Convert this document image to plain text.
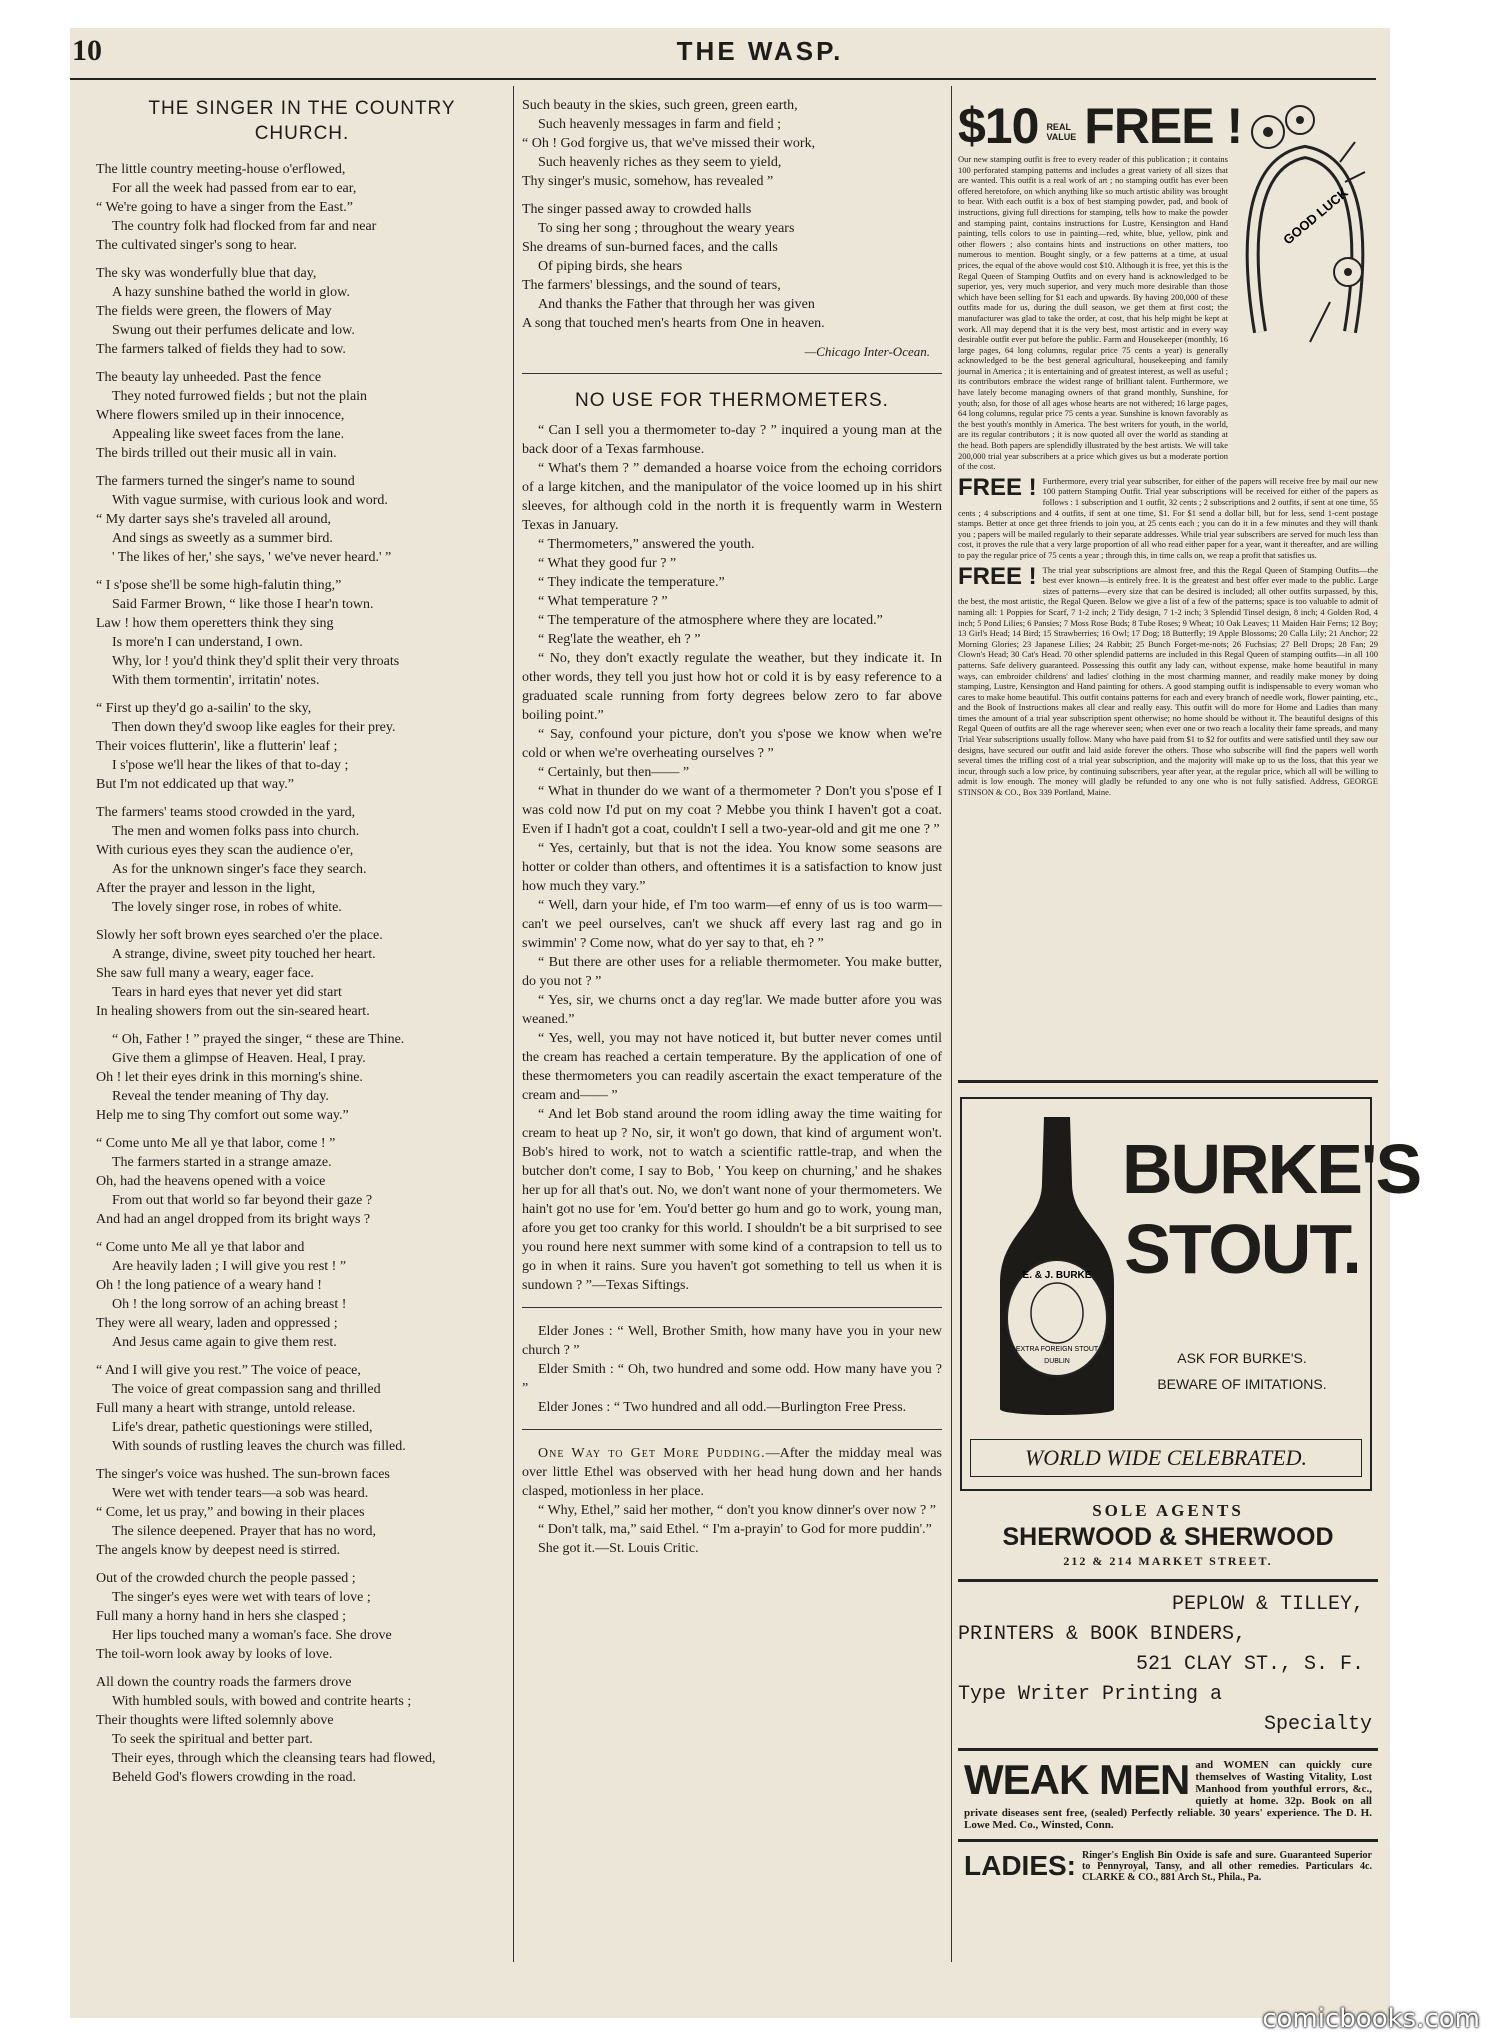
10	THE WASP.
THE SINGER IN THE COUNTRY
CHURCH.
The little country meeting-house o'erflowed,
For all the week had passed from ear to ear,
“ We're going to have a singer from the East.”
The country folk had flocked from far and near
The cultivated singer's song to hear.
The sky was wonderfully blue that day,
A hazy sunshine bathed the world in glow.
The fields were green, the flowers of May
Swung out their perfumes delicate and low.
The farmers talked of fields they had to sow.
The beauty lay unheeded. Past the fence
They noted furrowed fields ; but not the plain
Where flowers smiled up in their innocence,
Appealing like sweet faces from the lane.
The birds trilled out their music all in vain.
The farmers turned the singer's name to sound
With vague surmise, with curious look and word.
“ My darter says she's traveled all around,
And sings as sweetly as a summer bird.
' The likes of her,' she says, ' we've never heard.' ”
“ I s'pose she'll be some high-falutin thing,”
Said Farmer Brown, “ like those I hear'n town.
Law ! how them operetters think they sing
Is more'n I can understand, I own.
Why, lor ! you'd think they'd split their very throats
With them tormentin', irritatin' notes.
“ First up they'd go a-sailin' to the sky,
Then down they'd swoop like eagles for their prey.
Their voices flutterin', like a flutterin' leaf ;
I s'pose we'll hear the likes of that to-day ;
But I'm not eddicated up that way.”
The farmers' teams stood crowded in the yard,
The men and women folks pass into church.
With curious eyes they scan the audience o'er,
As for the unknown singer's face they search.
After the prayer and lesson in the light,
The lovely singer rose, in robes of white.
Slowly her soft brown eyes searched o'er the place.
A strange, divine, sweet pity touched her heart.
She saw full many a weary, eager face.
Tears in hard eyes that never yet did start
In healing showers from out the sin-seared heart.
“ Oh, Father ! ” prayed the singer, “ these are Thine.
Give them a glimpse of Heaven. Heal, I pray.
Oh ! let their eyes drink in this morning's shine.
Reveal the tender meaning of Thy day.
Help me to sing Thy comfort out some way.”
“ Come unto Me all ye that labor, come ! ”
The farmers started in a strange amaze.
Oh, had the heavens opened with a voice
From out that world so far beyond their gaze ?
And had an angel dropped from its bright ways ?
“ Come unto Me all ye that labor and
Are heavily laden ; I will give you rest ! ”
Oh ! the long patience of a weary hand !
Oh ! the long sorrow of an aching breast !
They were all weary, laden and oppressed ;
And Jesus came again to give them rest.
“ And I will give you rest.” The voice of peace,
The voice of great compassion sang and thrilled
Full many a heart with strange, untold release.
Life's drear, pathetic questionings were stilled,
With sounds of rustling leaves the church was filled.
The singer's voice was hushed. The sun-brown faces
Were wet with tender tears—a sob was heard.
“ Come, let us pray,” and bowing in their places
The silence deepened. Prayer that has no word,
The angels know by deepest need is stirred.
Out of the crowded church the people passed ;
The singer's eyes were wet with tears of love ;
Full many a horny hand in hers she clasped ;
Her lips touched many a woman's face. She drove
The toil-worn look away by looks of love.
All down the country roads the farmers drove
With humbled souls, with bowed and contrite hearts ;
Their thoughts were lifted solemnly above
To seek the spiritual and better part.
Their eyes, through which the cleansing tears had flowed,
Beheld God's flowers crowding in the road.
Such beauty in the skies, such green, green earth,
Such heavenly messages in farm and field ;
“ Oh ! God forgive us, that we've missed their work,
Such heavenly riches as they seem to yield,
Thy singer's music, somehow, has revealed ”
The singer passed away to crowded halls
To sing her song ; throughout the weary years
She dreams of sun-burned faces, and the calls
Of piping birds, she hears
The farmers' blessings, and the sound of tears,
And thanks the Father that through her was given
A song that touched men's hearts from One in heaven.
—Chicago Inter-Ocean.
NO USE FOR THERMOMETERS.

“ Can I sell you a thermometer to-day ? ” inquired a young man at the back door of a Texas farmhouse.

“ What's them ? ” demanded a hoarse voice from the echoing corridors of a large kitchen, and the manipulator of the voice loomed up in his shirt sleeves, for although cold in the north it is frequently warm in Western Texas in January.

“ Thermometers,” answered the youth.

“ What they good fur ? ”

“ They indicate the temperature.”

“ What temperature ? ”

“ The temperature of the atmosphere where they are located.”

“ Reg'late the weather, eh ? ”

“ No, they don't exactly regulate the weather, but they indicate it. In other words, they tell you just how hot or cold it is by easy reference to a graduated scale running from forty degrees below zero to far above boiling point.”

“ Say, confound your picture, don't you s'pose we know when we're cold or when we're overheating ourselves ? ”

“ Certainly, but then—— ”

“ What in thunder do we want of a thermometer ? Don't you s'pose ef I was cold now I'd put on my coat ? Mebbe you think I haven't got a coat. Even if I hadn't got a coat, couldn't I sell a two-year-old and git me one ? ”

“ Yes, certainly, but that is not the idea. You know some seasons are hotter or colder than others, and oftentimes it is a satisfaction to know just how much they vary.”

“ Well, darn your hide, ef I'm too warm—ef enny of us is too warm—can't we peel ourselves, can't we shuck aff every last rag and go in swimmin' ? Come now, what do yer say to that, eh ? ”

“ But there are other uses for a reliable thermometer. You make butter, do you not ? ”

“ Yes, sir, we churns onct a day reg'lar. We made butter afore you was weaned.”

“ Yes, well, you may not have noticed it, but butter never comes until the cream has reached a certain temperature. By the application of one of these thermometers you can readily ascertain the exact temperature of the cream and—— ”

“ And let Bob stand around the room idling away the time waiting for cream to heat up ? No, sir, it won't go down, that kind of argument won't. Bob's hired to work, not to watch a scientific rattle-trap, and when the butcher don't come, I say to Bob, ' You keep on churning,' and he shakes her up for all that's out. No, we don't want none of your thermometers. We hain't got no use for 'em. You'd better go hum and go to work, young man, afore you get too cranky for this world. I shouldn't be a bit surprised to see you round here next summer with some kind of a contrapsion to tell us to go in when it rains. Sure you haven't got something to tell us when it is sundown ? ”—Texas Siftings.

Elder Jones : “ Well, Brother Smith, how many have you in your new church ? ”

Elder Smith : “ Oh, two hundred and some odd. How many have you ? ”

Elder Jones : “ Two hundred and all odd.—Burlington Free Press.

One Way to Get More Pudding.—After the midday meal was over little Ethel was observed with her head hung down and her hands clasped, motionless in her place.

“ Why, Ethel,” said her mother, “ don't you know dinner's over now ? ”

“ Don't talk, ma,” said Ethel. “ I'm a-prayin' to God for more puddin'.”

She got it.—St. Louis Critic.

$10 REAL
VALUE FREE !
GOOD LUCK
Our new stamping outfit is free to every reader of this publication ; it contains 100 perforated stamping patterns and includes a great variety of all sizes that are wanted. This outfit is a real work of art ; no stamping outfit has ever been offered heretofore, on which anything like so much artistic ability was brought to bear. With each outfit is a box of best stamping powder, pad, and book of instructions, giving full directions for stamping, tells how to make the powder and stamping paint, contains instructions for Lustre, Kensington and Hand painting, tells colors to use in painting—red, white, blue, yellow, pink and other flowers ; also contains hints and instructions on other matters, too numerous to mention. Bought singly, or a few patterns at a time, at usual prices, the equal of the above would cost $10. Although it is free, yet this is the Regal Queen of Stamping Outfits and on every hand is acknowledged to be superior, yes, very much superior, and very much more desirable than those which have been selling for $1 each and upwards. By having 200,000 of these outfits made for us, during the dull season, we get them at first cost; the manufacturer was glad to take the order, at cost, that his help might be kept at work. All may depend that it is the very best, most artistic and in every way desirable outfit ever put before the public. Farm and Housekeeper (monthly, 16 large pages, 64 long columns, regular price 75 cents a year) is generally acknowledged to be the best general agricultural, housekeeping and family journal in America ; it is entertaining and of greatest interest, as well as useful ; its contributors embrace the widest range of brilliant talent. Furthermore, we have lately become managing owners of that grand monthly, Sunshine, for youth; also, for those of all ages whose hearts are not withered; 16 large pages, 64 long columns, regular price 75 cents a year. Sunshine is known favorably as the best youth's monthly in America. The best writers for youth, in the world, are its regular contributors ; it is now quoted all over the world as standing at the head. Both papers are splendidly illustrated by the best artists. We will take 200,000 trial year subscribers at a price which gives us but a moderate portion of the cost.
FREE ! Furthermore, every trial year subscriber, for either of the papers will receive free by mail our new 100 pattern Stamping Outfit. Trial year subscriptions will be received for either of the papers as follows : 1 subscription and 1 outfit, 32 cents ; 2 subscriptions and 2 outfits, if sent at one time, 55 cents ; 4 subscriptions and 4 outfits, if sent at one time, $1. For $1 send a dollar bill, but for less, send 1-cent postage stamps. Better at once get three friends to join you, at 25 cents each ; you can do it in a few minutes and they will thank you ; papers will be mailed regularly to their separate addresses. While trial year subscribers are served for much less than cost, it proves the rule that a very large proportion of all who read either paper for a year, want it thereafter, and are willing to pay the regular price of 75 cents a year ; through this, in time calls on, we reap a profit that satisfies us.
FREE ! The trial year subscriptions are almost free, and this the Regal Queen of Stamping Outfits—the best ever known—is entirely free. It is the greatest and best offer ever made to the public. Large sizes of patterns—every size that can be desired is included; all other outfits surpassed, by this, the best, the most artistic, the Regal Queen. Below we give a list of a few of the patterns; space is too valuable to admit of naming all: 1 Poppies for Scarf, 7 1-2 inch; 2 Tidy design, 7 1-2 inch; 3 Splendid Tinsel design, 8 inch; 4 Golden Rod, 4 inch; 5 Pond Lilies; 6 Pansies; 7 Moss Rose Buds; 8 Tube Roses; 9 Wheat; 10 Oak Leaves; 11 Maiden Hair Ferns; 12 Boy; 13 Girl's Head; 14 Bird; 15 Strawberries; 16 Owl; 17 Dog; 18 Butterfly; 19 Apple Blossoms; 20 Calla Lily; 21 Anchor; 22 Morning Glories; 23 Japanese Lilies; 24 Rabbit; 25 Bunch Forget-me-nots; 26 Fuchsias; 27 Bell Drops; 28 Fan; 29 Clown's Head; 30 Cat's Head. 70 other splendid patterns are included in this Regal Queen of stamping outfits—in all 100 patterns. Safe delivery guaranteed. Possessing this outfit any lady can, without expense, make home beautiful in many ways, can embroider childrens' and ladies' clothing in the most charming manner, and readily make money by doing stamping, Lustre, Kensington and Hand painting for others. A good stamping outfit is indispensable to every woman who cares to make home beautiful. This outfit contains patterns for each and every branch of needle work, flower painting, etc., and the Book of Instructions makes all clear and really easy. This outfit will do more for Home and Ladies than many times the amount of a trial year subscription spent otherwise; no home should be without it. The beautiful designs of this Regal Queen of outfits are all the rage wherever seen; when ever one or two reach a locality their fame spreads, and many Trial Year subscriptions usually follow. Many who have paid from $1 to $2 for outfits and were satisfied until they saw our designs, have secured our outfit and laid aside forever the others. Those who subscribe will find the papers well worth several times the trifling cost of a trial year subscription, and the majority will make up to us the loss, that this year we incur, through such a low price, by continuing subscribers, year after year, at the regular price, which all will be willing to admit is low enough. The money will gladly be refunded to any one who is not fully satisfied. Address, GEORGE STINSON & CO., Box 339 Portland, Maine.
E. & J. BURKE
EXTRA FOREIGN STOUT
DUBLIN
BURKE'S
STOUT.
ASK FOR BURKE'S.
BEWARE OF IMITATIONS.
WORLD WIDE CELEBRATED.
SOLE AGENTS
SHERWOOD & SHERWOOD
212 & 214 MARKET STREET.
PEPLOW & TILLEY,
PRINTERS & BOOK BINDERS,
521 CLAY ST., S. F.
Type Writer Printing a
Specialty
WEAK MEN and WOMEN can quickly cure themselves of Wasting Vitality, Lost Manhood from youthful errors, &c., quietly at home. 32p. Book on all private diseases sent free, (sealed) Perfectly reliable. 30 years' experience. The D. H. Lowe Med. Co., Winsted, Conn.
LADIES: Ringer's English Bin Oxide is safe and sure. Guaranteed Superior to Pennyroyal, Tansy, and all other remedies. Particulars 4c. CLARKE & CO., 881 Arch St., Phila., Pa.
comicbooks.com
